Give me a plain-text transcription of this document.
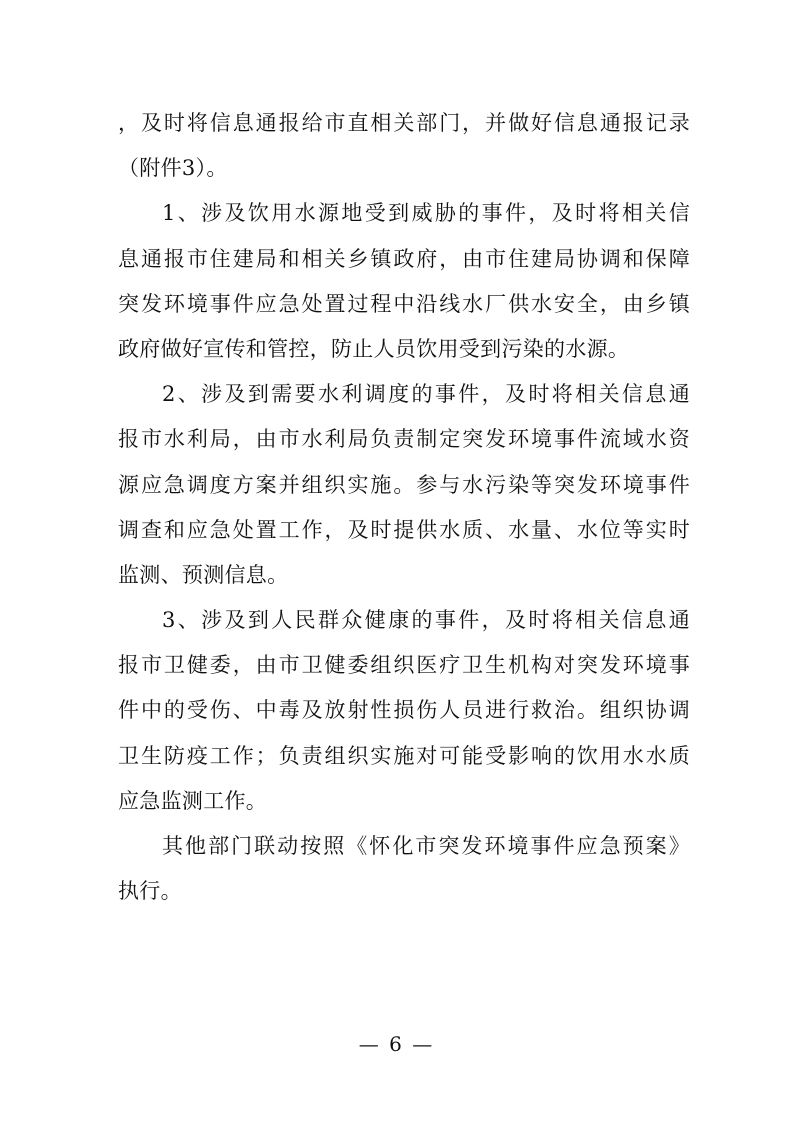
，及时将信息通报给市直相关部门，并做好信息通报记录
（附件3）。
1、涉及饮用水源地受到威胁的事件，及时将相关信
息通报市住建局和相关乡镇政府，由市住建局协调和保障
突发环境事件应急处置过程中沿线水厂供水安全，由乡镇
政府做好宣传和管控，防止人员饮用受到污染的水源。
2、涉及到需要水利调度的事件，及时将相关信息通
报市水利局，由市水利局负责制定突发环境事件流域水资
源应急调度方案并组织实施。参与水污染等突发环境事件
调查和应急处置工作，及时提供水质、水量、水位等实时
监测、预测信息。
3、涉及到人民群众健康的事件，及时将相关信息通
报市卫健委，由市卫健委组织医疗卫生机构对突发环境事
件中的受伤、中毒及放射性损伤人员进行救治。组织协调
卫生防疫工作；负责组织实施对可能受影响的饮用水水质
应急监测工作。
其他部门联动按照《怀化市突发环境事件应急预案》
执行。
— 6 —
